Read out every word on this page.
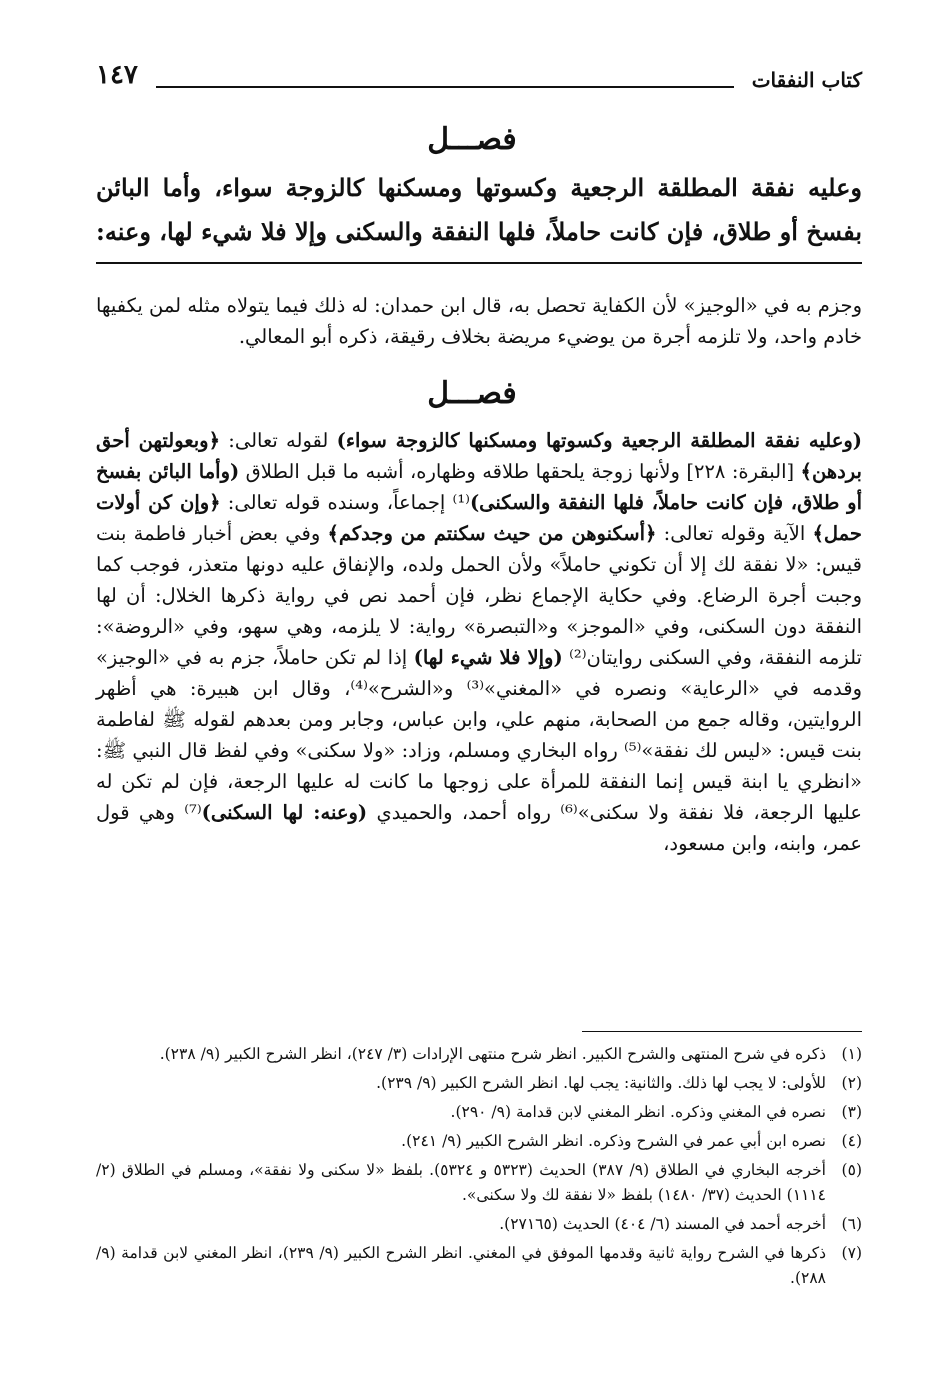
كتاب النفقات
١٤٧
فصـــل
وعليه نفقة المطلقة الرجعية وكسوتها ومسكنها كالزوجة سواء، وأما البائن بفسخ أو طلاق، فإن كانت حاملاً، فلها النفقة والسكنى وإلا فلا شيء لها، وعنه:
وجزم به في «الوجيز» لأن الكفاية تحصل به، قال ابن حمدان: له ذلك فيما يتولاه مثله لمن يكفيها خادم واحد، ولا تلزمه أجرة من يوضيء مريضة بخلاف رقيقة، ذكره أبو المعالي.
فصـــل

(وعليه نفقة المطلقة الرجعية وكسوتها ومسكنها كالزوجة سواء) لقوله تعالى: ﴿وبعولتهن أحق بردهن﴾ [البقرة: ٢٢٨] ولأنها زوجة يلحقها طلاقه وظهاره، أشبه ما قبل الطلاق (وأما البائن بفسخ أو طلاق، فإن كانت حاملاً، فلها النفقة والسكنى)⁽¹⁾ إجماعاً، وسنده قوله تعالى: ﴿وإن كن أولات حمل﴾ الآية وقوله تعالى: ﴿أسكنوهن من حيث سكنتم من وجدكم﴾ وفي بعض أخبار فاطمة بنت قيس: «لا نفقة لك إلا أن تكوني حاملاً» ولأن الحمل ولده، والإنفاق عليه دونها متعذر، فوجب كما وجبت أجرة الرضاع. وفي حكاية الإجماع نظر، فإن أحمد نص في رواية ذكرها الخلال: أن لها النفقة دون السكنى، وفي «الموجز» و«التبصرة» رواية: لا يلزمه، وهي سهو، وفي «الروضة»: تلزمه النفقة، وفي السكنى روايتان⁽²⁾ (وإلا فلا شيء لها) إذا لم تكن حاملاً، جزم به في «الوجيز» وقدمه في «الرعاية» ونصره في «المغني»⁽³⁾ و«الشرح»⁽⁴⁾، وقال ابن هبيرة: هي أظهر الروايتين، وقاله جمع من الصحابة، منهم علي، وابن عباس، وجابر ومن بعدهم لقوله ﷺ لفاطمة بنت قيس: «ليس لك نفقة»⁽⁵⁾ رواه البخاري ومسلم، وزاد: «ولا سكنى» وفي لفظ قال النبي ﷺ: «انظري يا ابنة قيس إنما النفقة للمرأة على زوجها ما كانت له عليها الرجعة، فإن لم تكن له عليها الرجعة، فلا نفقة ولا سكنى»⁽⁶⁾ رواه أحمد، والحميدي (وعنه: لها السكنى)⁽⁷⁾ وهي قول عمر، وابنه، وابن مسعود،

(١)
ذكره في شرح المنتهى والشرح الكبير. انظر شرح منتهى الإرادات (٣/ ٢٤٧)، انظر الشرح الكبير (٩/ ٢٣٨).
(٢)
للأولى: لا يجب لها ذلك. والثانية: يجب لها. انظر الشرح الكبير (٩/ ٢٣٩).
(٣)
نصره في المغني وذكره. انظر المغني لابن قدامة (٩/ ٢٩٠).
(٤)
نصره ابن أبي عمر في الشرح وذكره. انظر الشرح الكبير (٩/ ٢٤١).
(٥)
أخرجه البخاري في الطلاق (٩/ ٣٨٧) الحديث (٥٣٢٣ و ٥٣٢٤). بلفظ «لا سكنى ولا نفقة»، ومسلم في الطلاق (٢/ ١١١٤) الحديث (٣٧/ ١٤٨٠) بلفظ «لا نفقة لك ولا سكنى».
(٦)
أخرجه أحمد في المسند (٦/ ٤٠٤) الحديث (٢٧١٦٥).
(٧)
ذكرها في الشرح رواية ثانية وقدمها الموفق في المغني. انظر الشرح الكبير (٩/ ٢٣٩)، انظر المغني لابن قدامة (٩/ ٢٨٨).
